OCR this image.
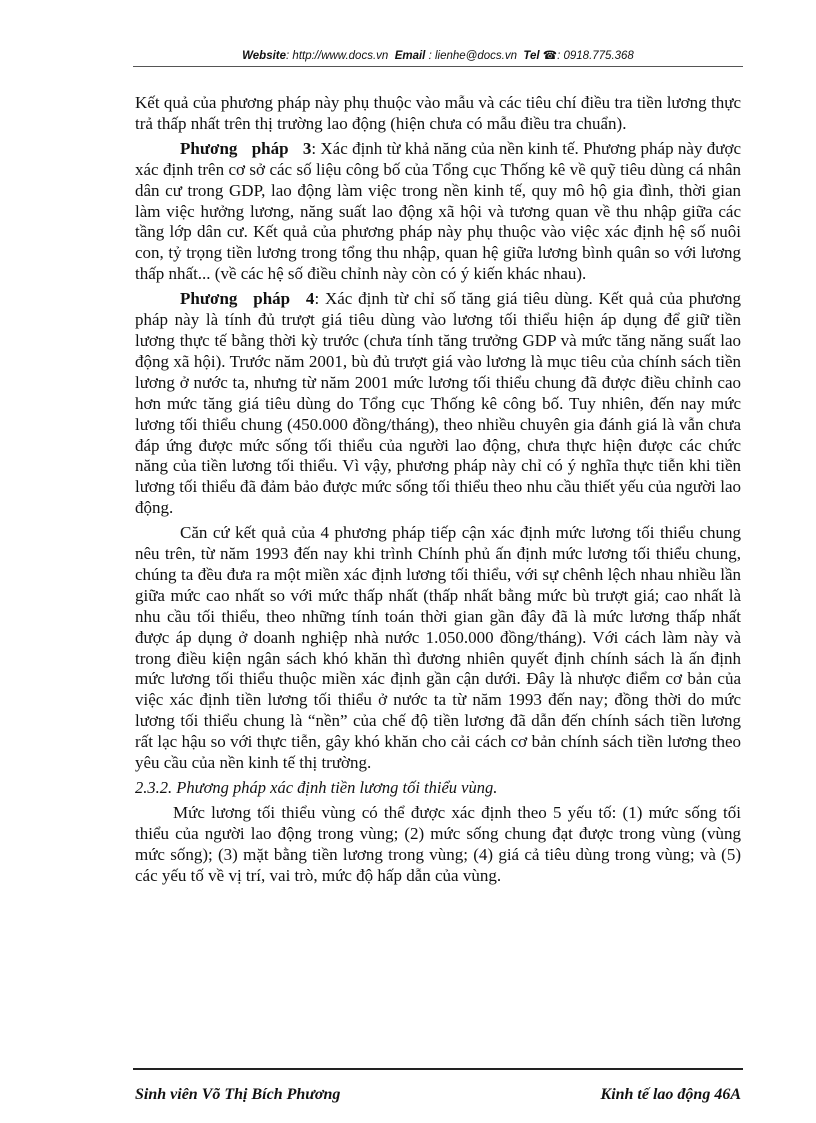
Website: http://www.docs.vn Email : lienhe@docs.vn Tel ☎: 0918.775.368

Kết quả của phương pháp này phụ thuộc vào mẫu và các tiêu chí điều tra tiền lương thực trả thấp nhất trên thị trường lao động (hiện chưa có mẫu điều tra chuẩn).

Phương pháp 3: Xác định từ khả năng của nền kinh tế. Phương pháp này được xác định trên cơ sở các số liệu công bố của Tổng cục Thống kê về quỹ tiêu dùng cá nhân dân cư trong GDP, lao động làm việc trong nền kinh tế, quy mô hộ gia đình, thời gian làm việc hưởng lương, năng suất lao động xã hội và tương quan về thu nhập giữa các tầng lớp dân cư. Kết quả của phương pháp này phụ thuộc vào việc xác định hệ số nuôi con, tỷ trọng tiền lương trong tổng thu nhập, quan hệ giữa lương bình quân so với lương thấp nhất... (về các hệ số điều chỉnh này còn có ý kiến khác nhau).

Phương pháp 4: Xác định từ chỉ số tăng giá tiêu dùng. Kết quả của phương pháp này là tính đủ trượt giá tiêu dùng vào lương tối thiểu hiện áp dụng để giữ tiền lương thực tế bằng thời kỳ trước (chưa tính tăng trưởng GDP và mức tăng năng suất lao động xã hội). Trước năm 2001, bù đủ trượt giá vào lương là mục tiêu của chính sách tiền lương ở nước ta, nhưng từ năm 2001 mức lương tối thiểu chung đã được điều chỉnh cao hơn mức tăng giá tiêu dùng do Tổng cục Thống kê công bố. Tuy nhiên, đến nay mức lương tối thiểu chung (450.000 đồng/tháng), theo nhiều chuyên gia đánh giá là vẫn chưa đáp ứng được mức sống tối thiểu của người lao động, chưa thực hiện được các chức năng của tiền lương tối thiểu. Vì vậy, phương pháp này chỉ có ý nghĩa thực tiễn khi tiền lương tối thiểu đã đảm bảo được mức sống tối thiểu theo nhu cầu thiết yếu của người lao động.

Căn cứ kết quả của 4 phương pháp tiếp cận xác định mức lương tối thiểu chung nêu trên, từ năm 1993 đến nay khi trình Chính phủ ấn định mức lương tối thiểu chung, chúng ta đều đưa ra một miền xác định lương tối thiểu, với sự chênh lệch nhau nhiều lần giữa mức cao nhất so với mức thấp nhất (thấp nhất bằng mức bù trượt giá; cao nhất là nhu cầu tối thiểu, theo những tính toán thời gian gần đây đã là mức lương thấp nhất được áp dụng ở doanh nghiệp nhà nước 1.050.000 đồng/tháng). Với cách làm này và trong điều kiện ngân sách khó khăn thì đương nhiên quyết định chính sách là ấn định mức lương tối thiểu thuộc miền xác định gần cận dưới. Đây là nhược điểm cơ bản của việc xác định tiền lương tối thiểu ở nước ta từ năm 1993 đến nay; đồng thời do mức lương tối thiểu chung là “nền” của chế độ tiền lương đã dẫn đến chính sách tiền lương rất lạc hậu so với thực tiễn, gây khó khăn cho cải cách cơ bản chính sách tiền lương theo yêu cầu của nền kinh tế thị trường.

2.3.2. Phương pháp xác định tiền lương tối thiểu vùng.

Mức lương tối thiểu vùng có thể được xác định theo 5 yếu tố: (1) mức sống tối thiểu của người lao động trong vùng; (2) mức sống chung đạt được trong vùng (vùng mức sống); (3) mặt bằng tiền lương trong vùng; (4) giá cả tiêu dùng trong vùng; và (5) các yếu tố về vị trí, vai trò, mức độ hấp dẫn của vùng.

Sinh viên Võ Thị Bích Phương	Kinh tế lao động 46A
